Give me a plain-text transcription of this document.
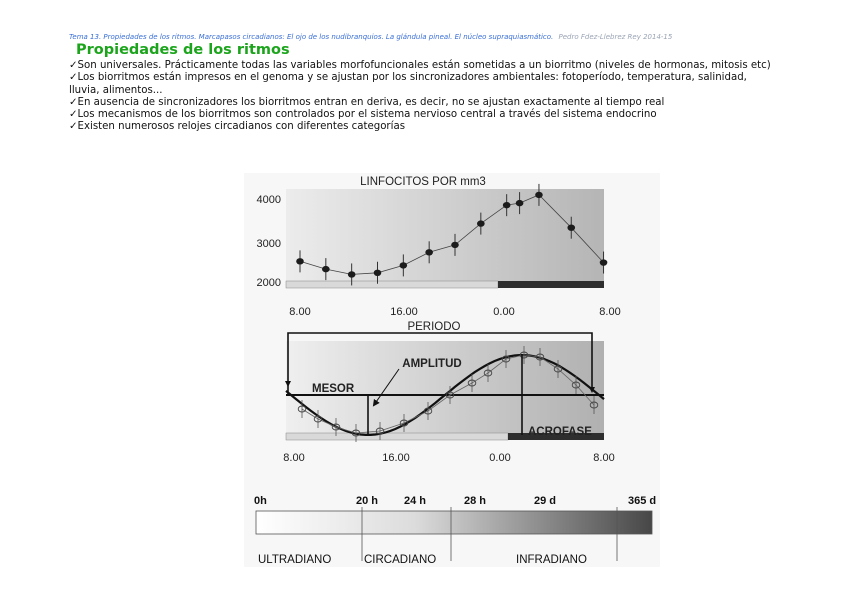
Tema 13. Propiedades de los ritmos. Marcapasos circadianos: El ojo de los nudibranquios. La glándula pineal. El núcleo supraquiasmático. Pedro Fdez-Llebrez Rey 2014-15
Propiedades de los ritmos

✓Son universales. Prácticamente todas las variables morfofuncionales están sometidas a un biorritmo (niveles de hormonas, mitosis etc)

✓Los biorritmos están impresos en el genoma y se ajustan por los sincronizadores ambientales: fotoperíodo, temperatura, salinidad, lluvia, alimentos...

✓En ausencia de sincronizadores los biorritmos entran en deriva, es decir, no se ajustan exactamente al tiempo real

✓Los mecanismos de los biorritmos son controlados por el sistema nervioso central a través del sistema endocrino

✓Existen numerosos relojes circadianos con diferentes categorías

LINFOCITOS POR mm3
4000
3000
2000
8.00	16.00	0.00	8.00
PERIODO
MESOR
AMPLITUD
ACROFASE
8.00	16.00	0.00	8.00
0h	20 h 24 h	28 h	29 d	365 d
ULTRADIANO	CIRCADIANO	INFRADIANO
